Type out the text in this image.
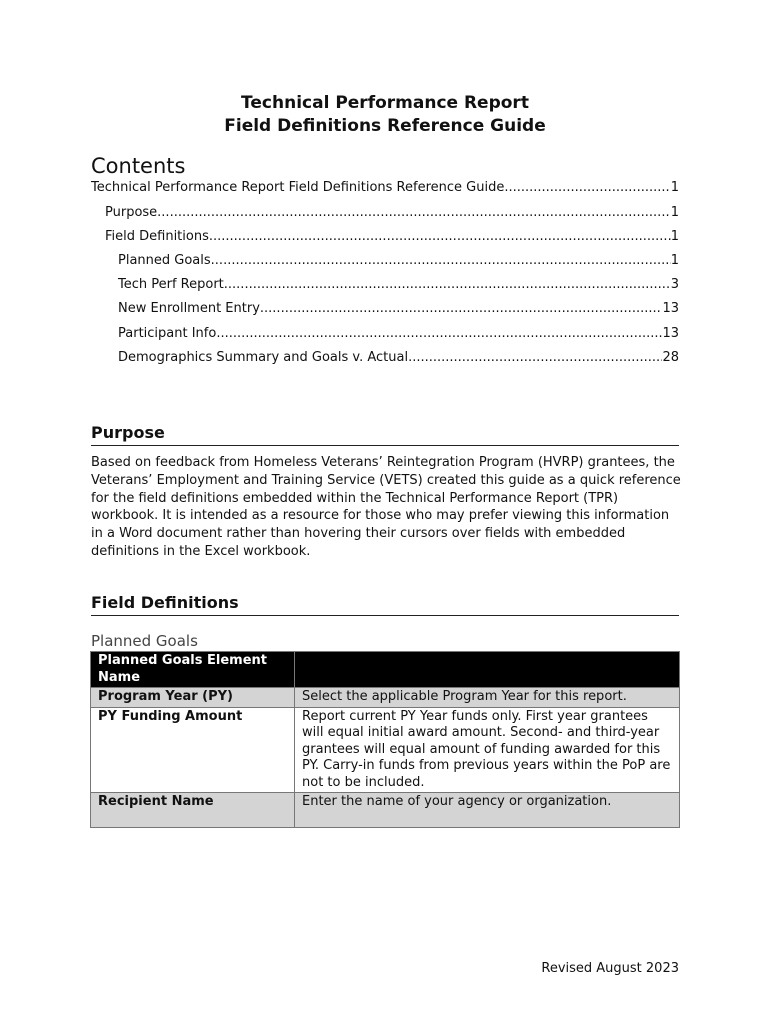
Technical Performance Report
Field Definitions Reference Guide
Contents
Technical Performance Report Field Definitions Reference Guide .....	1
Purpose .....	1
Field Definitions .....	1
Planned Goals .....	1
Tech Perf Report .....	3
New Enrollment Entry .....	13
Participant Info .....	13
Demographics Summary and Goals v. Actual .....	28
Purpose
Based on feedback from Homeless Veterans’ Reintegration Program (HVRP) grantees, the Veterans’ Employment and Training Service (VETS) created this guide as a quick reference for the field definitions embedded within the Technical Performance Report (TPR) workbook. It is intended as a resource for those who may prefer viewing this information in a Word document rather than hovering their cursors over fields with embedded definitions in the Excel workbook.
Field Definitions
Planned Goals
Planned Goals Element Name	
Program Year (PY)	Select the applicable Program Year for this report.
PY Funding Amount	Report current PY Year funds only. First year grantees will equal initial award amount. Second- and third-year grantees will equal amount of funding awarded for this PY. Carry-in funds from previous years within the PoP are not to be included.
Recipient Name	Enter the name of your agency or organization.
Revised August 2023
